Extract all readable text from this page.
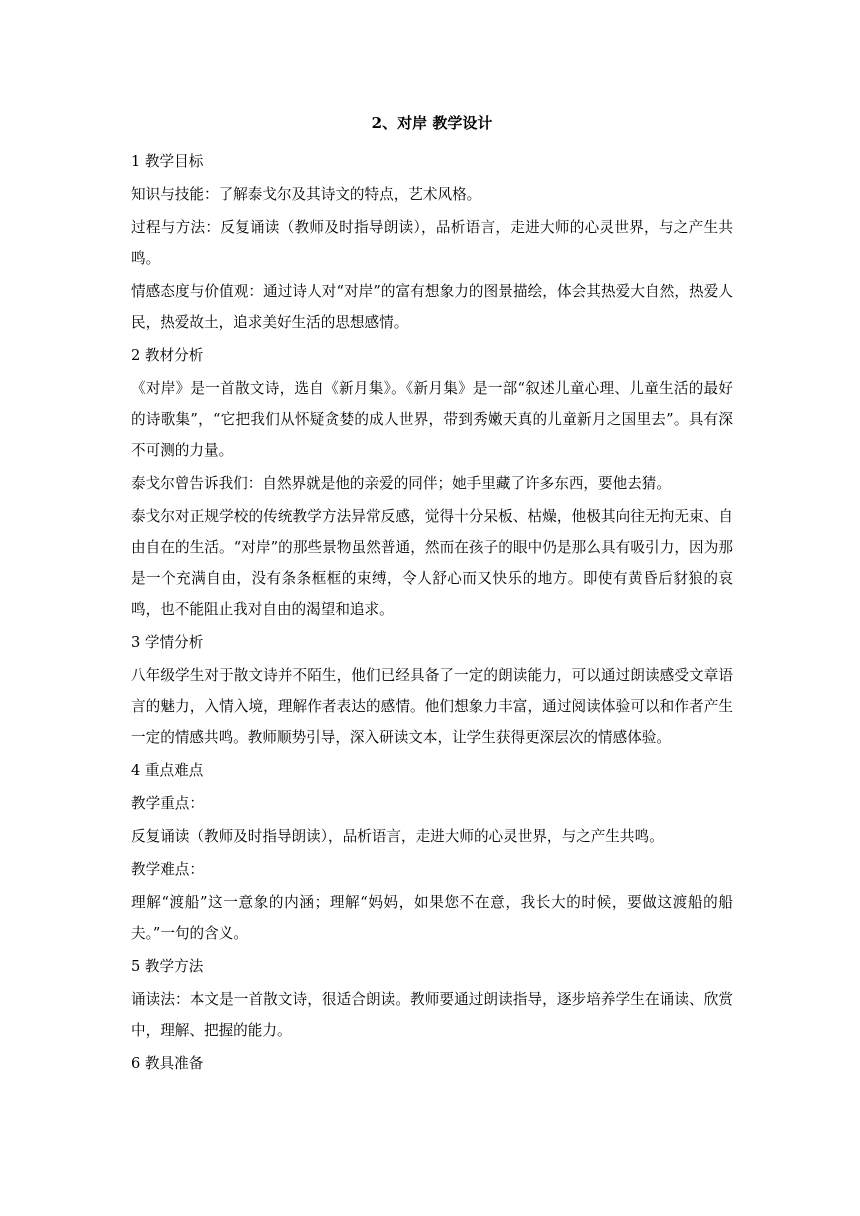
2、对岸 教学设计

1 教学目标

知识与技能：了解泰戈尔及其诗文的特点，艺术风格。

过程与方法：反复诵读（教师及时指导朗读），品析语言，走进大师的心灵世界，与之产生共鸣。

情感态度与价值观：通过诗人对“对岸”的富有想象力的图景描绘，体会其热爱大自然，热爱人民，热爱故土，追求美好生活的思想感情。

2 教材分析

《对岸》是一首散文诗，选自《新月集》。《新月集》是一部“叙述儿童心理、儿童生活的最好的诗歌集”，“它把我们从怀疑贪婪的成人世界，带到秀嫩天真的儿童新月之国里去”。具有深不可测的力量。

泰戈尔曾告诉我们：自然界就是他的亲爱的同伴；她手里藏了许多东西，要他去猜。

泰戈尔对正规学校的传统教学方法异常反感，觉得十分呆板、枯燥，他极其向往无拘无束、自由自在的生活。“对岸”的那些景物虽然普通，然而在孩子的眼中仍是那么具有吸引力，因为那是一个充满自由，没有条条框框的束缚，令人舒心而又快乐的地方。即使有黄昏后豺狼的哀鸣，也不能阻止我对自由的渴望和追求。

3 学情分析

八年级学生对于散文诗并不陌生，他们已经具备了一定的朗读能力，可以通过朗读感受文章语言的魅力，入情入境，理解作者表达的感情。他们想象力丰富，通过阅读体验可以和作者产生一定的情感共鸣。教师顺势引导，深入研读文本，让学生获得更深层次的情感体验。

4 重点难点

教学重点：

反复诵读（教师及时指导朗读），品析语言，走进大师的心灵世界，与之产生共鸣。

教学难点：

理解“渡船”这一意象的内涵；理解“妈妈，如果您不在意，我长大的时候，要做这渡船的船夫。”一句的含义。

5 教学方法

诵读法：本文是一首散文诗，很适合朗读。教师要通过朗读指导，逐步培养学生在诵读、欣赏中，理解、把握的能力。

6 教具准备
